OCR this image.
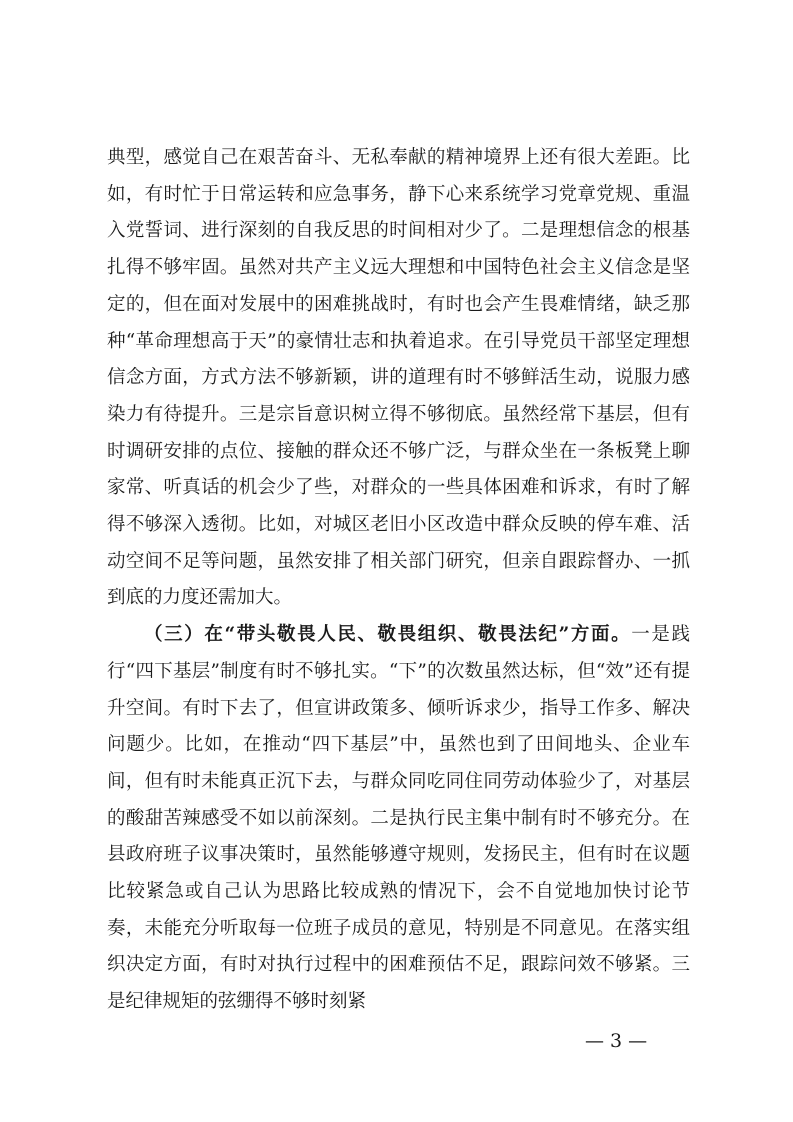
典型，感觉自己在艰苦奋斗、无私奉献的精神境界上还有很大差距。比如，有时忙于日常运转和应急事务，静下心来系统学习党章党规、重温入党誓词、进行深刻的自我反思的时间相对少了。二是理想信念的根基扎得不够牢固。虽然对共产主义远大理想和中国特色社会主义信念是坚定的，但在面对发展中的困难挑战时，有时也会产生畏难情绪，缺乏那种“革命理想高于天”的豪情壮志和执着追求。在引导党员干部坚定理想信念方面，方式方法不够新颖，讲的道理有时不够鲜活生动，说服力感染力有待提升。三是宗旨意识树立得不够彻底。虽然经常下基层，但有时调研安排的点位、接触的群众还不够广泛，与群众坐在一条板凳上聊家常、听真话的机会少了些，对群众的一些具体困难和诉求，有时了解得不够深入透彻。比如，对城区老旧小区改造中群众反映的停车难、活动空间不足等问题，虽然安排了相关部门研究，但亲自跟踪督办、一抓到底的力度还需加大。

（三）在“带头敬畏人民、敬畏组织、敬畏法纪”方面。一是践行“四下基层”制度有时不够扎实。“下”的次数虽然达标，但“效”还有提升空间。有时下去了，但宣讲政策多、倾听诉求少，指导工作多、解决问题少。比如，在推动“四下基层”中，虽然也到了田间地头、企业车间，但有时未能真正沉下去，与群众同吃同住同劳动体验少了，对基层的酸甜苦辣感受不如以前深刻。二是执行民主集中制有时不够充分。在县政府班子议事决策时，虽然能够遵守规则，发扬民主，但有时在议题比较紧急或自己认为思路比较成熟的情况下，会不自觉地加快讨论节奏，未能充分听取每一位班子成员的意见，特别是不同意见。在落实组织决定方面，有时对执行过程中的困难预估不足，跟踪问效不够紧。三是纪律规矩的弦绷得不够时刻紧

— 3 —
